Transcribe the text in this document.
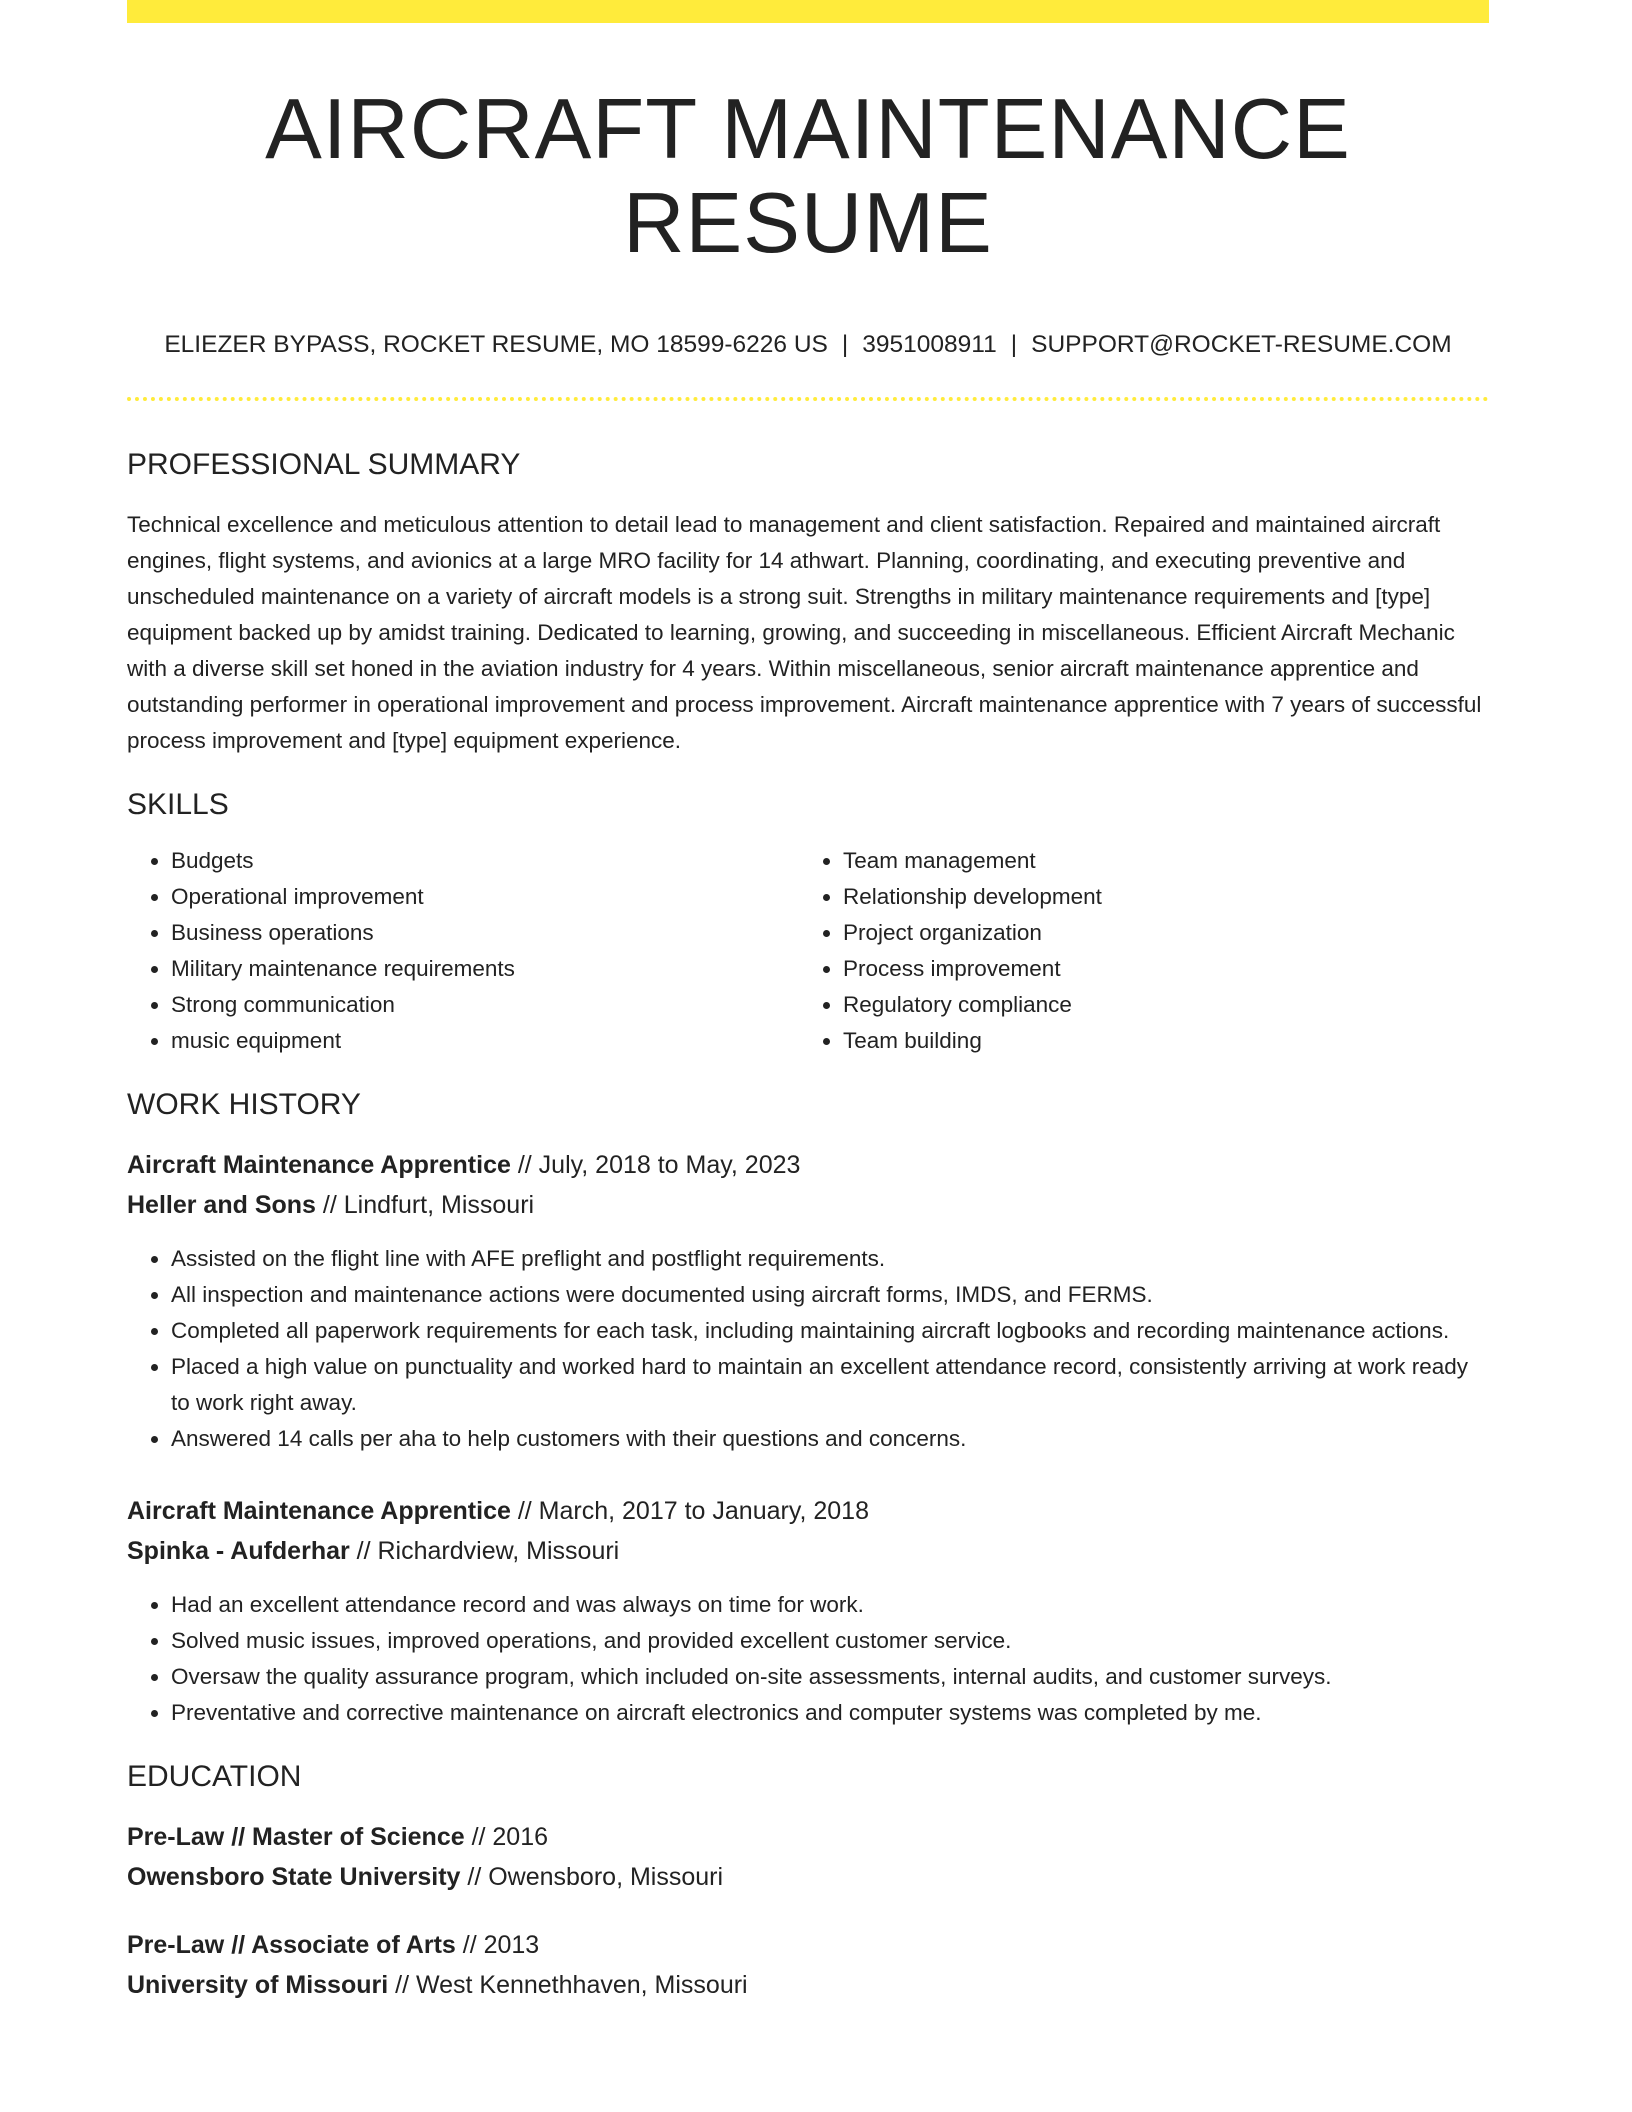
AIRCRAFT MAINTENANCE RESUME
ELIEZER BYPASS, ROCKET RESUME, MO 18599-6226 US | 3951008911 | SUPPORT@ROCKET-RESUME.COM
PROFESSIONAL SUMMARY

Technical excellence and meticulous attention to detail lead to management and client satisfaction. Repaired and maintained aircraft engines, flight systems, and avionics at a large MRO facility for 14 athwart. Planning, coordinating, and executing preventive and unscheduled maintenance on a variety of aircraft models is a strong suit. Strengths in military maintenance requirements and [type] equipment backed up by amidst training. Dedicated to learning, growing, and succeeding in miscellaneous. Efficient Aircraft Mechanic with a diverse skill set honed in the aviation industry for 4 years. Within miscellaneous, senior aircraft maintenance apprentice and outstanding performer in operational improvement and process improvement. Aircraft maintenance apprentice with 7 years of successful process improvement and [type] equipment experience.

SKILLS
• Budgets
• Operational improvement
• Business operations
• Military maintenance requirements
• Strong communication
• music equipment
• Team management
• Relationship development
• Project organization
• Process improvement
• Regulatory compliance
• Team building
WORK HISTORY
Aircraft Maintenance Apprentice // July, 2018 to May, 2023
Heller and Sons // Lindfurt, Missouri
• Assisted on the flight line with AFE preflight and postflight requirements.
• All inspection and maintenance actions were documented using aircraft forms, IMDS, and FERMS.
• Completed all paperwork requirements for each task, including maintaining aircraft logbooks and recording maintenance actions.
• Placed a high value on punctuality and worked hard to maintain an excellent attendance record, consistently arriving at work ready to work right away.
• Answered 14 calls per aha to help customers with their questions and concerns.
Aircraft Maintenance Apprentice // March, 2017 to January, 2018
Spinka - Aufderhar // Richardview, Missouri
• Had an excellent attendance record and was always on time for work.
• Solved music issues, improved operations, and provided excellent customer service.
• Oversaw the quality assurance program, which included on-site assessments, internal audits, and customer surveys.
• Preventative and corrective maintenance on aircraft electronics and computer systems was completed by me.
EDUCATION
Pre-Law // Master of Science // 2016
Owensboro State University // Owensboro, Missouri
Pre-Law // Associate of Arts // 2013
University of Missouri // West Kennethhaven, Missouri
